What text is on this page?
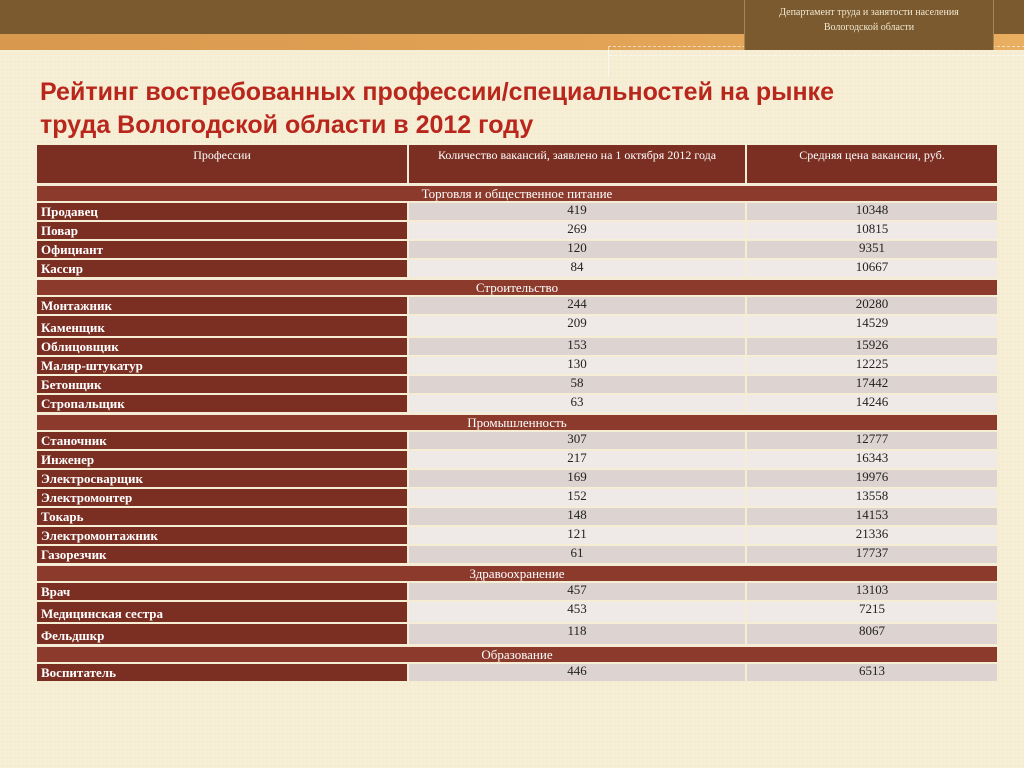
Департамент труда и занятости населения
Вологодской области
Рейтинг востребованных профессии/специальностей на рынке
труда Вологодской области в 2012 году
Профессии	Количество вакансий, заявлено на 1 октября 2012 года	Средняя цена вакансии, руб.
Торговля и общественное питание		
Продавец	419	10348
Повар	269	10815
Официант	120	9351
Кассир	84	10667
Строительство		
Монтажник	244	20280
Каменщик	209	14529
Облицовщик	153	15926
Маляр-штукатур	130	12225
Бетонщик	58	17442
Стропальщик	63	14246
Промышленность		
Станочник	307	12777
Инженер	217	16343
Электросварщик	169	19976
Электромонтер	152	13558
Токарь	148	14153
Электромонтажник	121	21336
Газорезчик	61	17737
Здравоохранение		
Врач	457	13103
Медицинская сестра	453	7215
Фельдшкр	118	8067
Образование		
Воспитатель	446	6513
